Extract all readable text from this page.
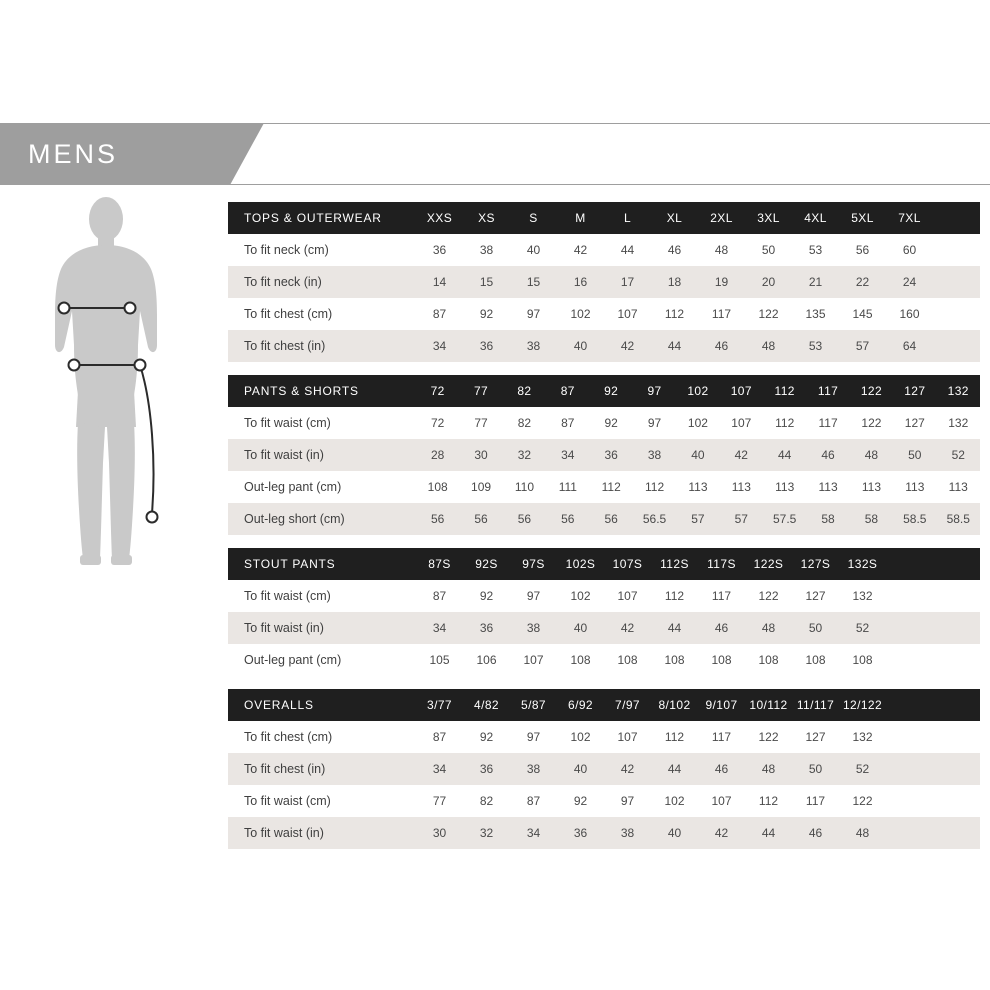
MENS
TOPS & OUTERWEAR	XXS	XS	S	M	L	XL	2XL	3XL	4XL	5XL	7XL	
To fit neck (cm)	36	38	40	42	44	46	48	50	53	56	60	
To fit neck (in)	14	15	15	16	17	18	19	20	21	22	24	
To fit chest (cm)	87	92	97	102	107	112	117	122	135	145	160	
To fit chest (in)	34	36	38	40	42	44	46	48	53	57	64	
PANTS & SHORTS	72	77	82	87	92	97	102	107	112	117	122	127	132
To fit waist (cm)	72	77	82	87	92	97	102	107	112	117	122	127	132
To fit waist (in)	28	30	32	34	36	38	40	42	44	46	48	50	52
Out-leg pant (cm)	108	109	110	111	112	112	113	113	113	113	113	113	113
Out-leg short (cm)	56	56	56	56	56	56.5	57	57	57.5	58	58	58.5	58.5
STOUT PANTS	87S	92S	97S	102S	107S	112S	117S	122S	127S	132S		
To fit waist (cm)	87	92	97	102	107	112	117	122	127	132		
To fit waist (in)	34	36	38	40	42	44	46	48	50	52		
Out-leg pant (cm)	105	106	107	108	108	108	108	108	108	108		
OVERALLS	3/77	4/82	5/87	6/92	7/97	8/102	9/107	10/112	11/117	12/122		
To fit chest (cm)	87	92	97	102	107	112	117	122	127	132		
To fit chest (in)	34	36	38	40	42	44	46	48	50	52		
To fit waist (cm)	77	82	87	92	97	102	107	112	117	122		
To fit waist (in)	30	32	34	36	38	40	42	44	46	48		
